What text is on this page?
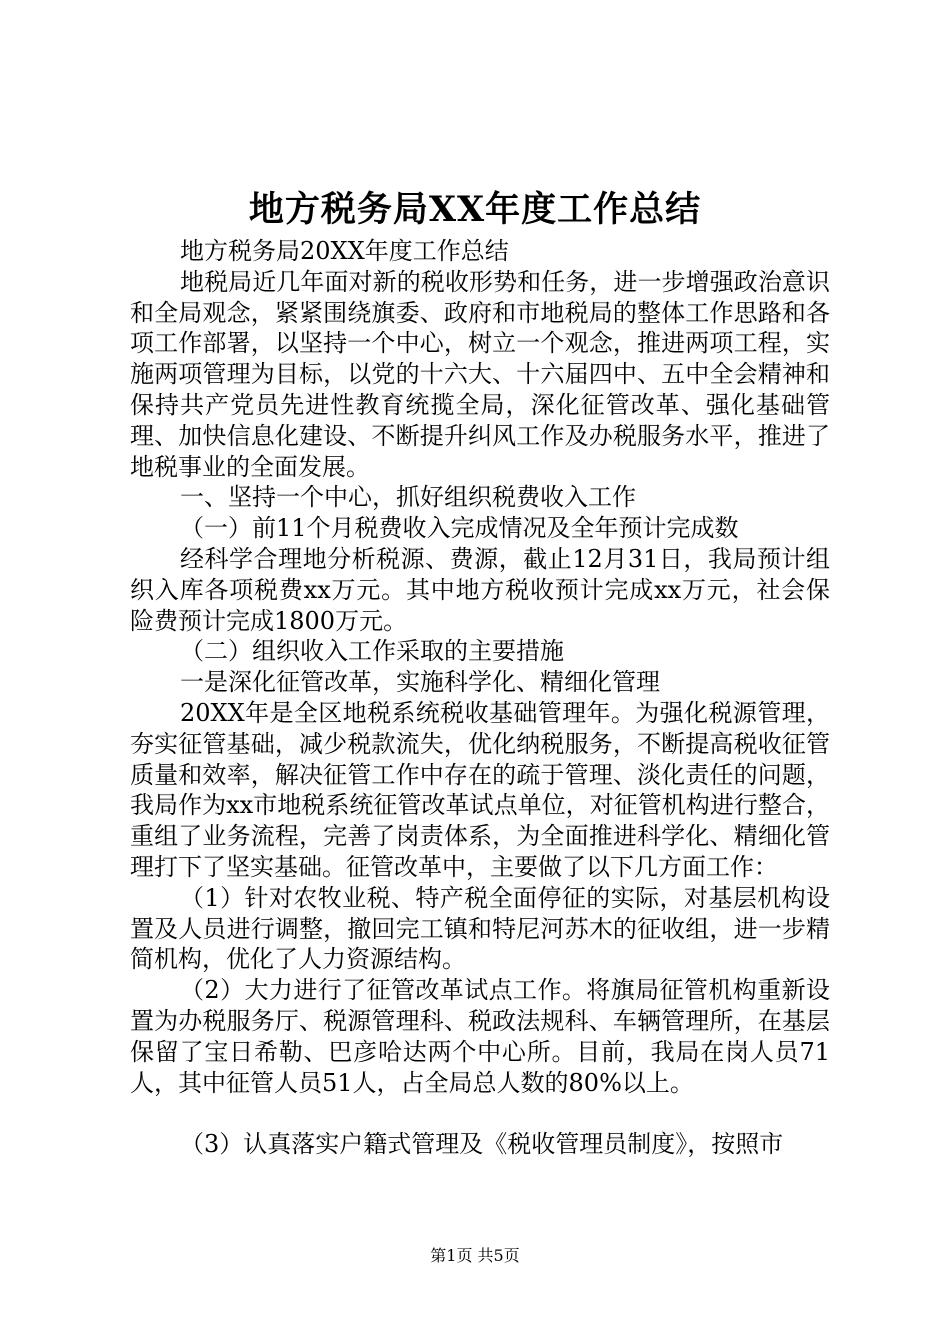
地方税务局XX年度工作总结

地方税务局20XX年度工作总结

地税局近几年面对新的税收形势和任务，进一步增强政治意识和全局观念，紧紧围绕旗委、政府和市地税局的整体工作思路和各项工作部署，以坚持一个中心，树立一个观念，推进两项工程，实施两项管理为目标，以党的十六大、十六届四中、五中全会精神和保持共产党员先进性教育统揽全局，深化征管改革、强化基础管理、加快信息化建设、不断提升纠风工作及办税服务水平，推进了地税事业的全面发展。

一、坚持一个中心，抓好组织税费收入工作

（一）前11个月税费收入完成情况及全年预计完成数

经科学合理地分析税源、费源，截止12月31日，我局预计组织入库各项税费xx万元。其中地方税收预计完成xx万元，社会保险费预计完成1800万元。

（二）组织收入工作采取的主要措施

一是深化征管改革，实施科学化、精细化管理

20XX年是全区地税系统税收基础管理年。为强化税源管理，夯实征管基础，减少税款流失，优化纳税服务，不断提高税收征管质量和效率，解决征管工作中存在的疏于管理、淡化责任的问题，我局作为xx市地税系统征管改革试点单位，对征管机构进行整合，重组了业务流程，完善了岗责体系，为全面推进科学化、精细化管理打下了坚实基础。征管改革中，主要做了以下几方面工作：

（1）针对农牧业税、特产税全面停征的实际，对基层机构设置及人员进行调整，撤回完工镇和特尼河苏木的征收组，进一步精简机构，优化了人力资源结构。

（2）大力进行了征管改革试点工作。将旗局征管机构重新设置为办税服务厅、税源管理科、税政法规科、车辆管理所，在基层保留了宝日希勒、巴彦哈达两个中心所。目前，我局在岗人员71人，其中征管人员51人，占全局总人数的80%以上。

（3）认真落实户籍式管理及《税收管理员制度》，按照市

第1页 共5页
